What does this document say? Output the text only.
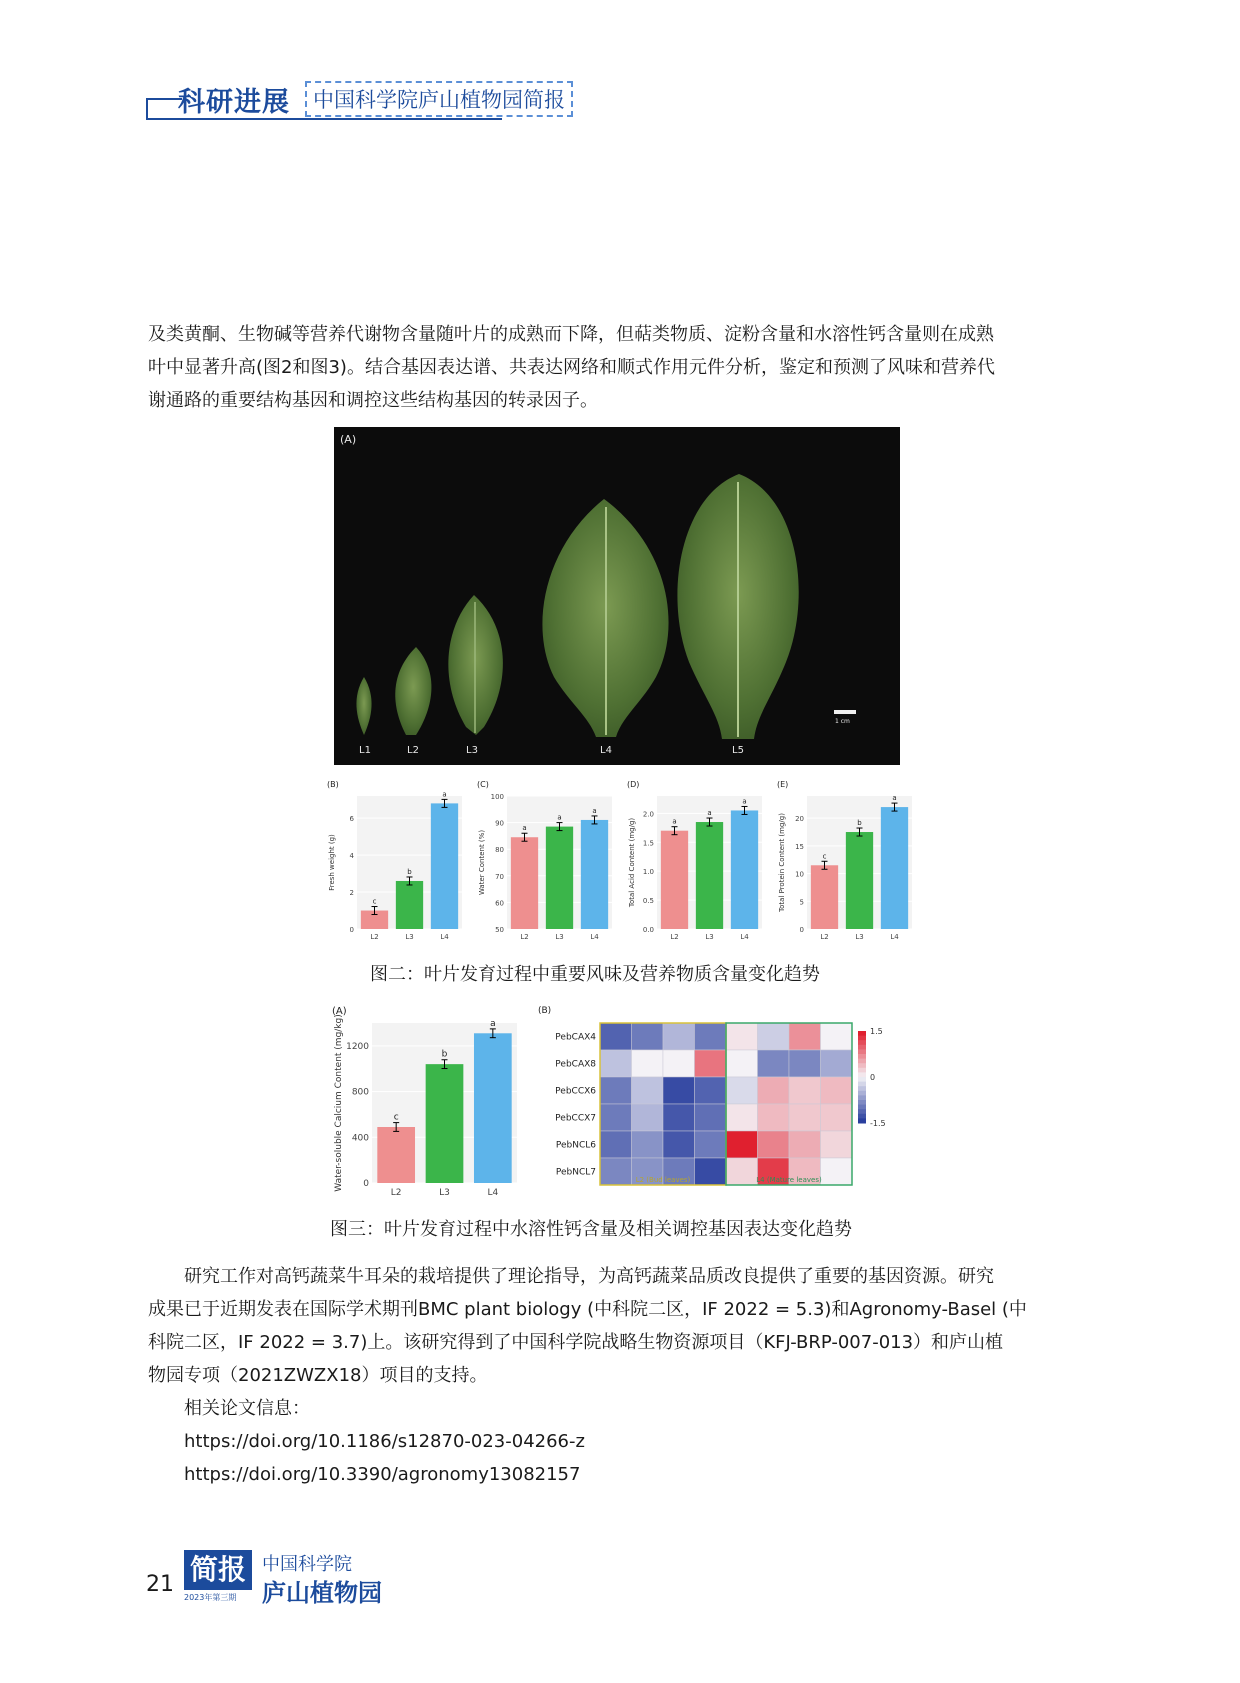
科研进展	中国科学院庐山植物园简报
及类黄酮、生物碱等营养代谢物含量随叶片的成熟而下降，但萜类物质、淀粉含量和水溶性钙含量则在成熟
叶中显著升高(图2和图3)。结合基因表达谱、共表达网络和顺式作用元件分析，鉴定和预测了风味和营养代
谢通路的重要结构基因和调控这些结构基因的转录因子。
(A)
L1	L2	L3	L4	L5
1 cm
0
2
4
6
c
L2
b
L3
a
L4
Fresh weight (g)
(B)
50
60
70
80
90
100
a
L2
a
L3
a
L4
Water Content (%)
(C)
0.0
0.5
1.0
1.5
2.0
a
L2
a
L3
a
L4
Total Acid Content (mg/g)
(D)
0
5
10
15
20
c
L2
b
L3
a
L4
Total Protein Content (mg/g)
(E)
图二：叶片发育过程中重要风味及营养物质含量变化趋势
0
400
800
1200
c
L2
b
L3
a
L4
Water-soluble Calcium Content (mg/kg)
(A)	(B)
PebCAX4
PebCAX8
PebCCX6
PebCCX7
PebNCL6
PebNCL7
L2 (Bud leaves)	L4 (Mature leaves)
1.5
0
-1.5
图三：叶片发育过程中水溶性钙含量及相关调控基因表达变化趋势
研究工作对高钙蔬菜牛耳朵的栽培提供了理论指导，为高钙蔬菜品质改良提供了重要的基因资源。研究
成果已于近期发表在国际学术期刊BMC plant biology (中科院二区，IF 2022 = 5.3)和Agronomy-Basel (中
科院二区，IF 2022 = 3.7)上。该研究得到了中国科学院战略生物资源项目（KFJ-BRP-007-013）和庐山植
物园专项（2021ZWZX18）项目的支持。
相关论文信息：
https://doi.org/10.1186/s12870-023-04266-z
https://doi.org/10.3390/agronomy13082157
21 简报
2023年第三期
中国科学院
庐山植物园
